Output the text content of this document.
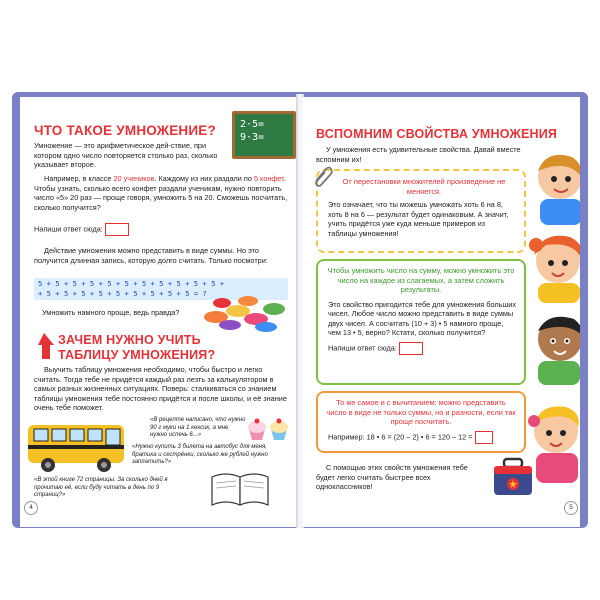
ЧТО ТАКОЕ УМНОЖЕНИЕ? 2·5=
9·3=
Умножение — это арифметическое дей-ствие, при котором одно число повторяется столько раз, сколько указывает второе.
Например, в классе 20 учеников. Каждому из них раздали по 5 конфет. Чтобы узнать, сколько всего конфет раздали ученикам, нужно повторить число «5» 20 раз — проще говоря, умножить 5 на 20. Сможешь посчитать, сколько получится?
Напиши ответ сюда:
Действие умножения можно представить в виде суммы. Но это получится длинная запись, которую долго считать. Только посмотри:
5 + 5 + 5 + 5 + 5 + 5 + 5 + 5 + 5 + 5 + 5 +
+ 5 + 5 + 5 + 5 + 5 + 5 + 5 + 5 + 5 = ?
Умножить намного проще, ведь правда?
ЗАЧЕМ НУЖНО УЧИТЬ
ТАБЛИЦУ УМНОЖЕНИЯ?
Выучить таблицу умножения необходимо, чтобы быстро и легко считать. Тогда тебе не придётся каждый раз лезть за калькулятором в самых разных жизненных ситуациях. Поверь: сталкиваться со знанием таблицы умножения тебе постоянно придётся и после школы, и её знание очень тебе поможет.
«В рецепте написано, что нужно 90 г муки на 1 кексик, а мне нужно испечь 6...»
«Нужно купить 3 билета на автобус для меня, братика и сестрёнки, сколько же рублей нужно заплатить?»
«В этой книге 72 страницы. За сколько дней я прочитаю её, если буду читать в день по 9 страниц?»
4
ВСПОМНИМ СВОЙСТВА УМНОЖЕНИЯ
У умножения есть удивительные свойства. Давай вместе вспомним их!
От перестановки множителей произведение не меняется.
Это означает, что ты можешь умножать хоть 6 на 8, хоть 8 на 6 — результат будет одинаковым. А значит, учить придётся уже куда меньше примеров из таблицы умножения!
Чтобы умножить число на сумму, можно умножить это число на каждое из слагаемых, а затем сложить результаты.
Это свойство пригодится тебе для умножения больших чисел. Любое число можно представить в виде суммы двух чисел. А сосчитать (10 + 3) • 5 намного проще, чем 13 • 5, верно? Кстати, сколько получится?
Напиши ответ сюда:
То же самое и с вычитанием: можно представить число в виде не только суммы, но и разности, если так проще посчитать.
Например: 18 • 6 = (20 – 2) • 6 = 120 – 12 =
С помощью этих свойств умножения тебе будет легко считать быстрее всех одноклассников!
5
